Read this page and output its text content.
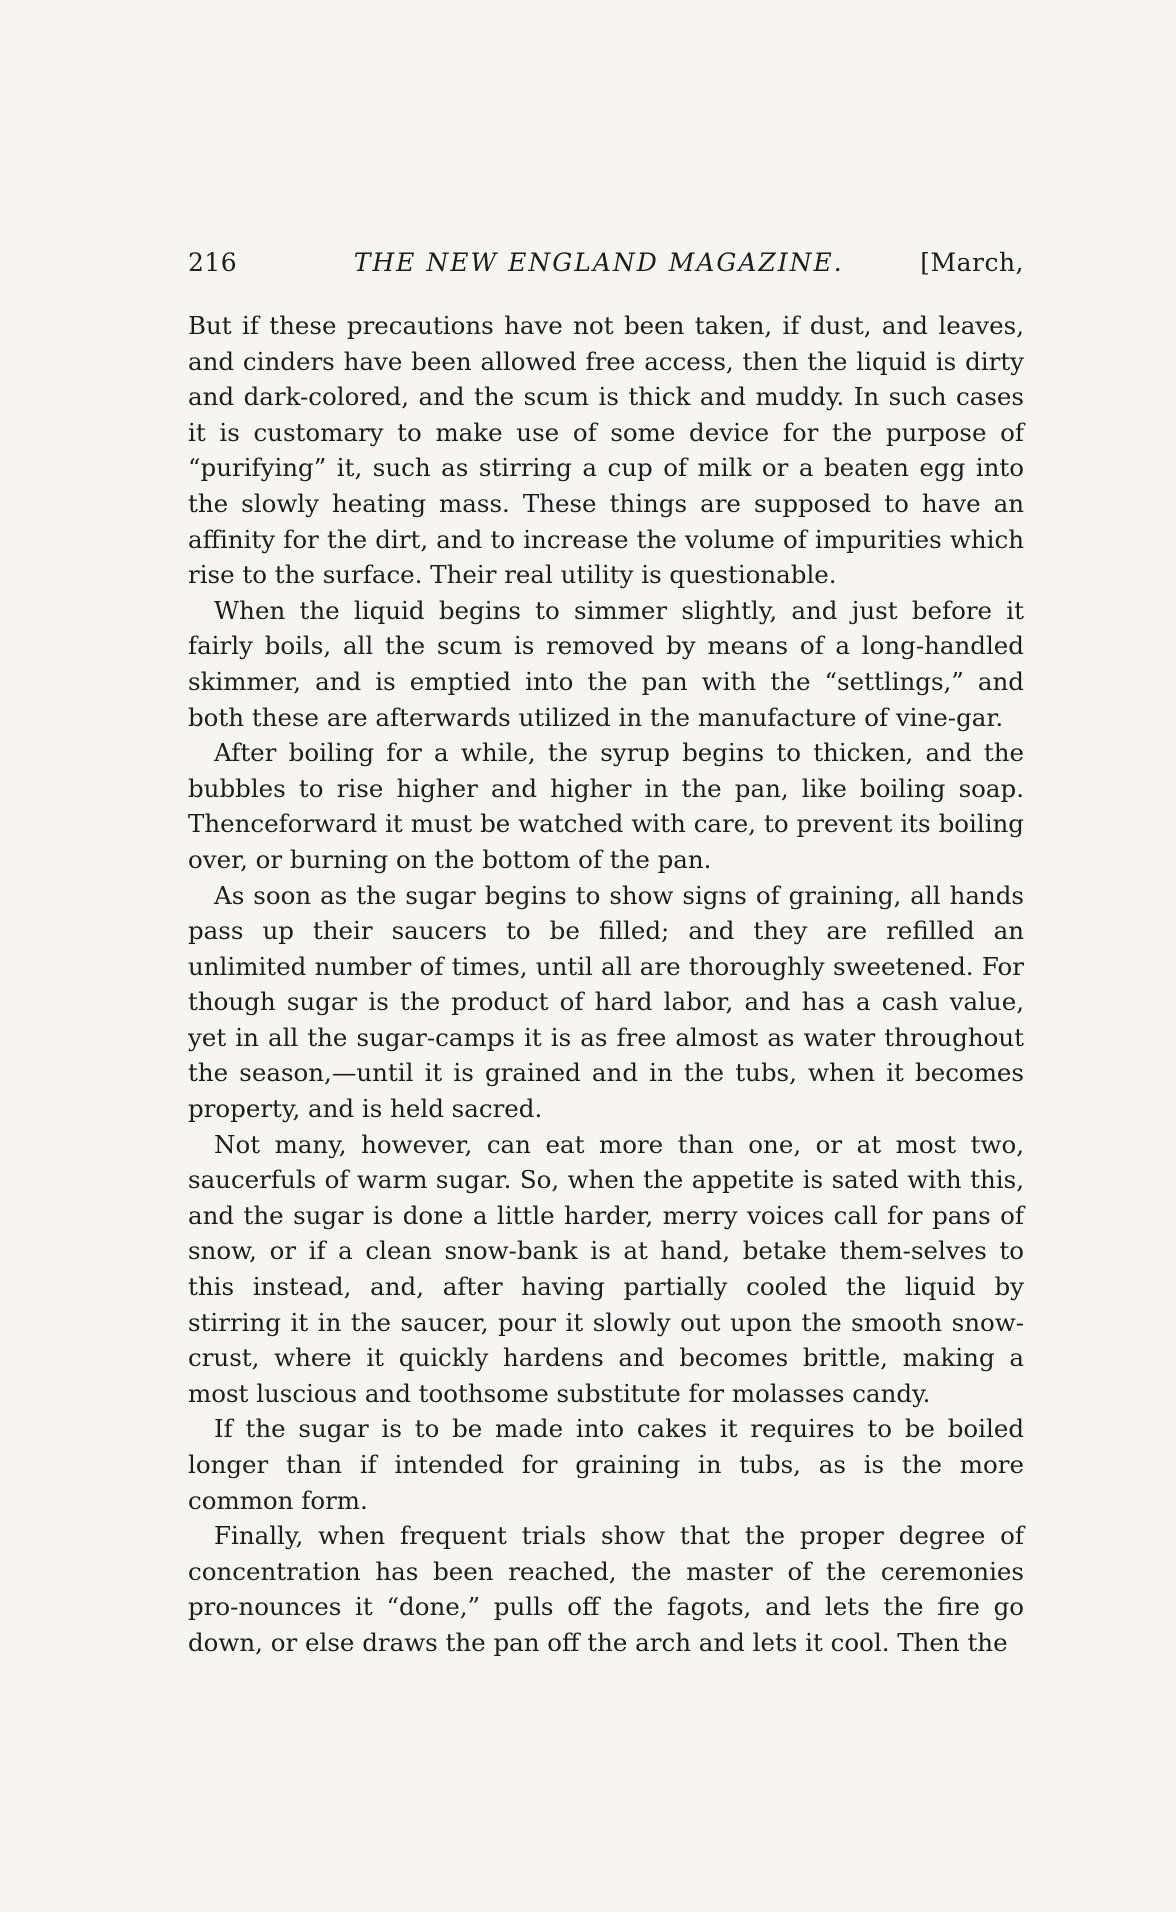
216	THE NEW ENGLAND MAGAZINE.	[March,

But if these precautions have not been taken, if dust, and leaves, and cinders have been allowed free access, then the liquid is dirty and dark-colored, and the scum is thick and muddy. In such cases it is customary to make use of some device for the purpose of “purifying” it, such as stirring a cup of milk or a beaten egg into the slowly heating mass. These things are supposed to have an affinity for the dirt, and to increase the volume of impurities which rise to the surface. Their real utility is questionable.

When the liquid begins to simmer slightly, and just before it fairly boils, all the scum is removed by means of a long-handled skimmer, and is emptied into the pan with the “settlings,” and both these are afterwards utilized in the manufacture of vine-gar.

After boiling for a while, the syrup begins to thicken, and the bubbles to rise higher and higher in the pan, like boiling soap. Thenceforward it must be watched with care, to prevent its boiling over, or burning on the bottom of the pan.

As soon as the sugar begins to show signs of graining, all hands pass up their saucers to be filled; and they are refilled an unlimited number of times, until all are thoroughly sweetened. For though sugar is the product of hard labor, and has a cash value, yet in all the sugar-camps it is as free almost as water throughout the season,—until it is grained and in the tubs, when it becomes property, and is held sacred.

Not many, however, can eat more than one, or at most two, saucerfuls of warm sugar. So, when the appetite is sated with this, and the sugar is done a little harder, merry voices call for pans of snow, or if a clean snow-bank is at hand, betake them-selves to this instead, and, after having partially cooled the liquid by stirring it in the saucer, pour it slowly out upon the smooth snow-crust, where it quickly hardens and becomes brittle, making a most luscious and toothsome substitute for molasses candy.

If the sugar is to be made into cakes it requires to be boiled longer than if intended for graining in tubs, as is the more common form.

Finally, when frequent trials show that the proper degree of concentration has been reached, the master of the ceremonies pro-nounces it “done,” pulls off the fagots, and lets the fire go down, or else draws the pan off the arch and lets it cool. Then the
